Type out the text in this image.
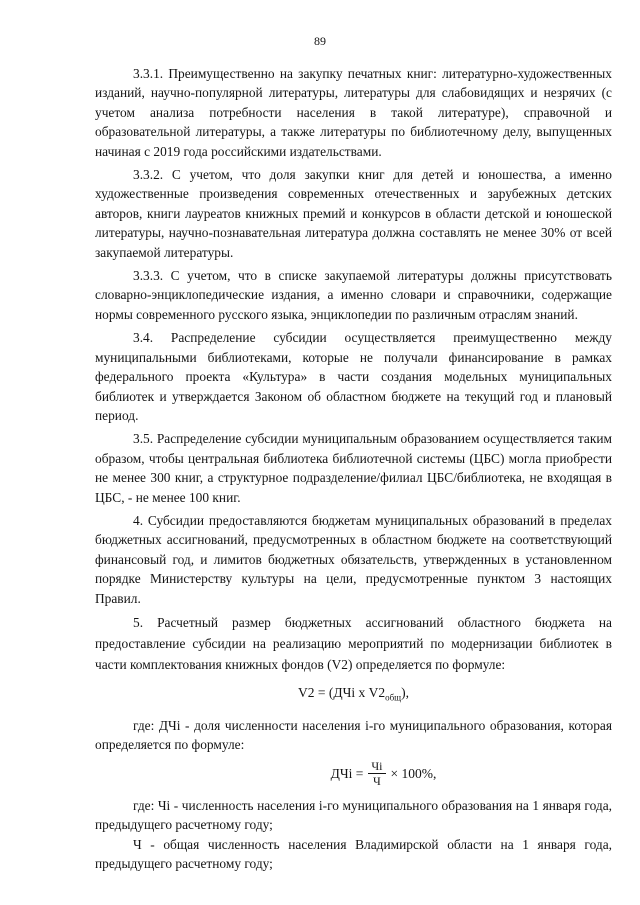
89

3.3.1. Преимущественно на закупку печатных книг: литературно-художественных изданий, научно-популярной литературы, литературы для слабовидящих и незрячих (с учетом анализа потребности населения в такой литературе), справочной и образовательной литературы, а также литературы по библиотечному делу, выпущенных начиная с 2019 года российскими издательствами.

3.3.2. С учетом, что доля закупки книг для детей и юношества, а именно художественные произведения современных отечественных и зарубежных детских авторов, книги лауреатов книжных премий и конкурсов в области детской и юношеской литературы, научно-познавательная литература должна составлять не менее 30% от всей закупаемой литературы.

3.3.3. С учетом, что в списке закупаемой литературы должны присутствовать словарно-энциклопедические издания, а именно словари и справочники, содержащие нормы современного русского языка, энциклопедии по различным отраслям знаний.

3.4. Распределение субсидии осуществляется преимущественно между муниципальными библиотеками, которые не получали финансирование в рамках федерального проекта «Культура» в части создания модельных муниципальных библиотек и утверждается Законом об областном бюджете на текущий год и плановый период.

3.5. Распределение субсидии муниципальным образованием осуществляется таким образом, чтобы центральная библиотека библиотечной системы (ЦБС) могла приобрести не менее 300 книг, а структурное подразделение/филиал ЦБС/библиотека, не входящая в ЦБС, - не менее 100 книг.

4. Субсидии предоставляются бюджетам муниципальных образований в пределах бюджетных ассигнований, предусмотренных в областном бюджете на соответствующий финансовый год, и лимитов бюджетных обязательств, утвержденных в установленном порядке Министерству культуры на цели, предусмотренные пунктом 3 настоящих Правил.

5. Расчетный размер бюджетных ассигнований областного бюджета на предоставление субсидии на реализацию мероприятий по модернизации библиотек в части комплектования книжных фондов (V2) определяется по формуле:

V2 = (ДЧi х $V2_{общ}$),

где: ДЧi - доля численности населения i-го муниципального образования, которая определяется по формуле:

ДЧi = $\frac{Чi}{Ч} \times 100\%$,

где: Чi - численность населения i-го муниципального образования на 1 января года, предыдущего расчетному году;

Ч - общая численность населения Владимирской области на 1 января года, предыдущего расчетному году;
